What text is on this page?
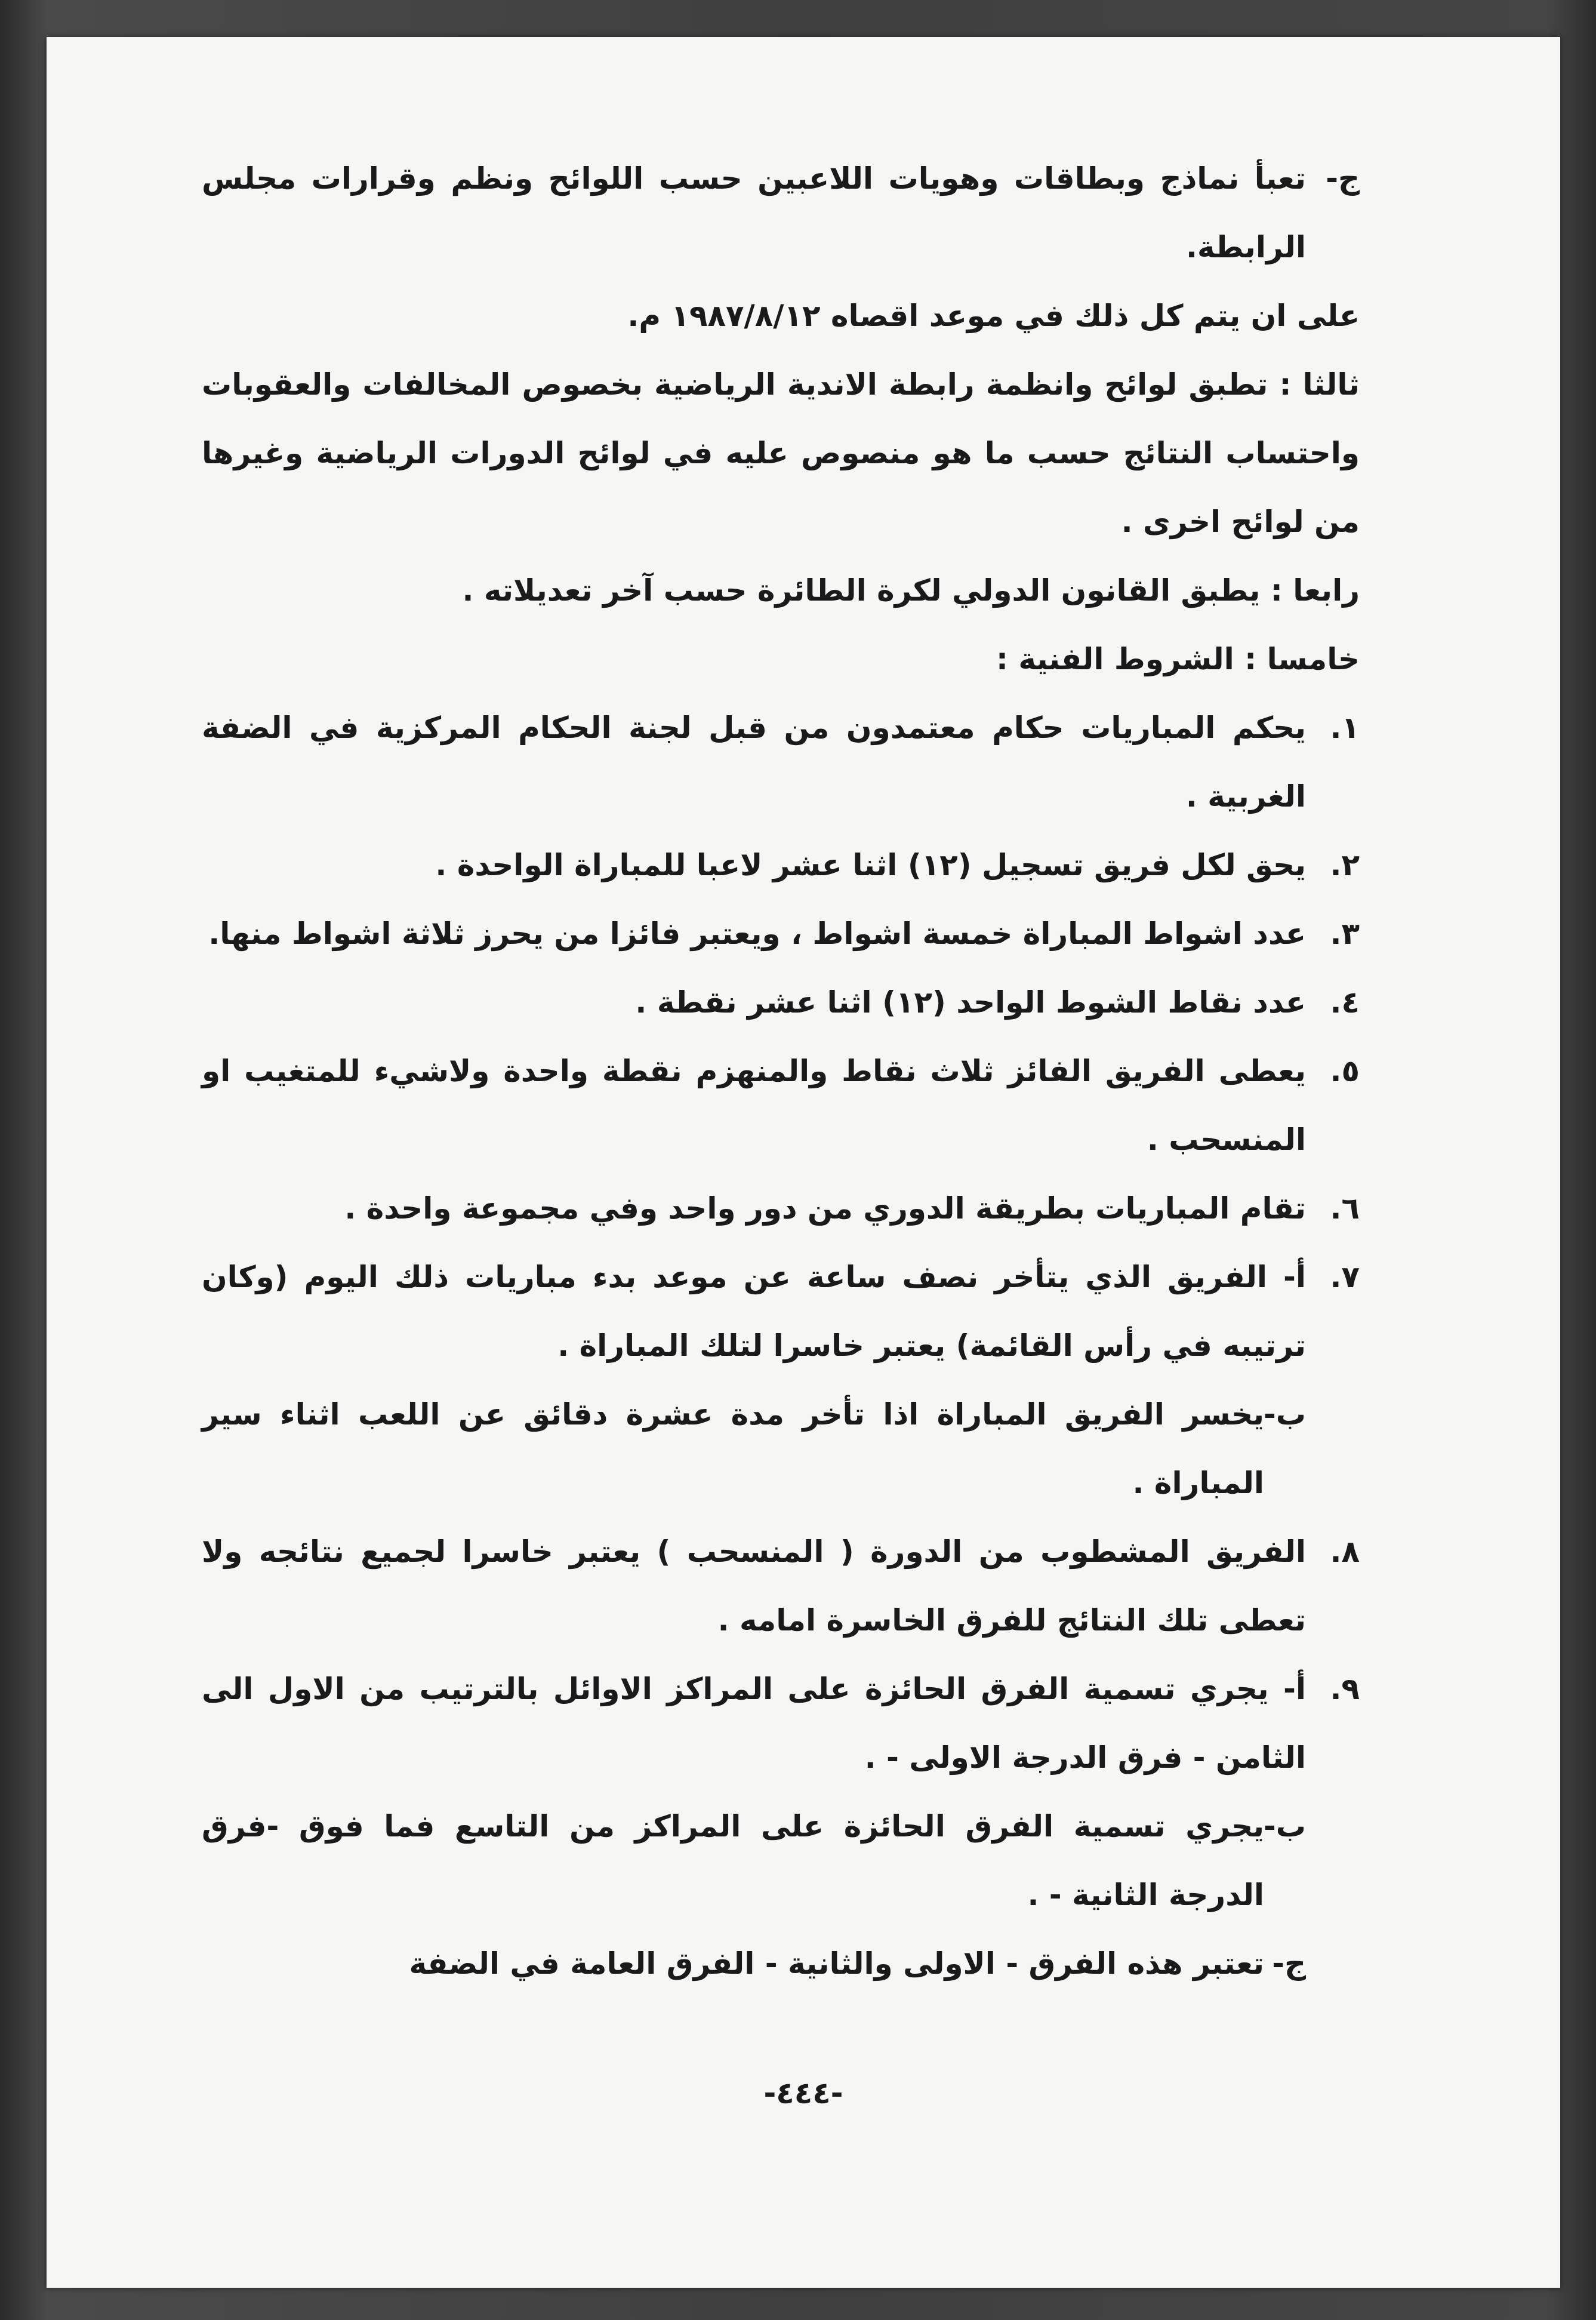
ج-
تعبأ نماذج وبطاقات وهويات اللاعبين حسب اللوائح ونظم وقرارات مجلس الرابطة.

على ان يتم كل ذلك في موعد اقصاه ١٩٨٧/٨/١٢ م.

ثالثا : تطبق لوائح وانظمة رابطة الاندية الرياضية بخصوص المخالفات والعقوبات واحتساب النتائج حسب ما هو منصوص عليه في لوائح الدورات الرياضية وغيرها من لوائح اخرى .

رابعا : يطبق القانون الدولي لكرة الطائرة حسب آخر تعديلاته .

خامسا : الشروط الفنية :

١.
يحكم المباريات حكام معتمدون من قبل لجنة الحكام المركزية في الضفة الغربية .
٢.
يحق لكل فريق تسجيل (١٢) اثنا عشر لاعبا للمباراة الواحدة .
٣.
عدد اشواط المباراة خمسة اشواط ، ويعتبر فائزا من يحرز ثلاثة اشواط منها.
٤.
عدد نقاط الشوط الواحد (١٢) اثنا عشر نقطة .
٥.
يعطى الفريق الفائز ثلاث نقاط والمنهزم نقطة واحدة ولاشيء للمتغيب او المنسحب .
٦.
تقام المباريات بطريقة الدوري من دور واحد وفي مجموعة واحدة .
٧.
أ- الفريق الذي يتأخر نصف ساعة عن موعد بدء مباريات ذلك اليوم (وكان ترتيبه في رأس القائمة) يعتبر خاسرا لتلك المباراة .
ب-
يخسر الفريق المباراة اذا تأخر مدة عشرة دقائق عن اللعب اثناء سير المباراة .
٨.
الفريق المشطوب من الدورة ( المنسحب ) يعتبر خاسرا لجميع نتائجه ولا تعطى تلك النتائج للفرق الخاسرة امامه .
٩.
أ- يجري تسمية الفرق الحائزة على المراكز الاوائل بالترتيب من الاول الى الثامن - فرق الدرجة الاولى - .
ب-
يجري تسمية الفرق الحائزة على المراكز من التاسع فما فوق -فرق الدرجة الثانية - .
ج-
تعتبر هذه الفرق - الاولى والثانية - الفرق العامة في الضفة
-٤٤٤-
